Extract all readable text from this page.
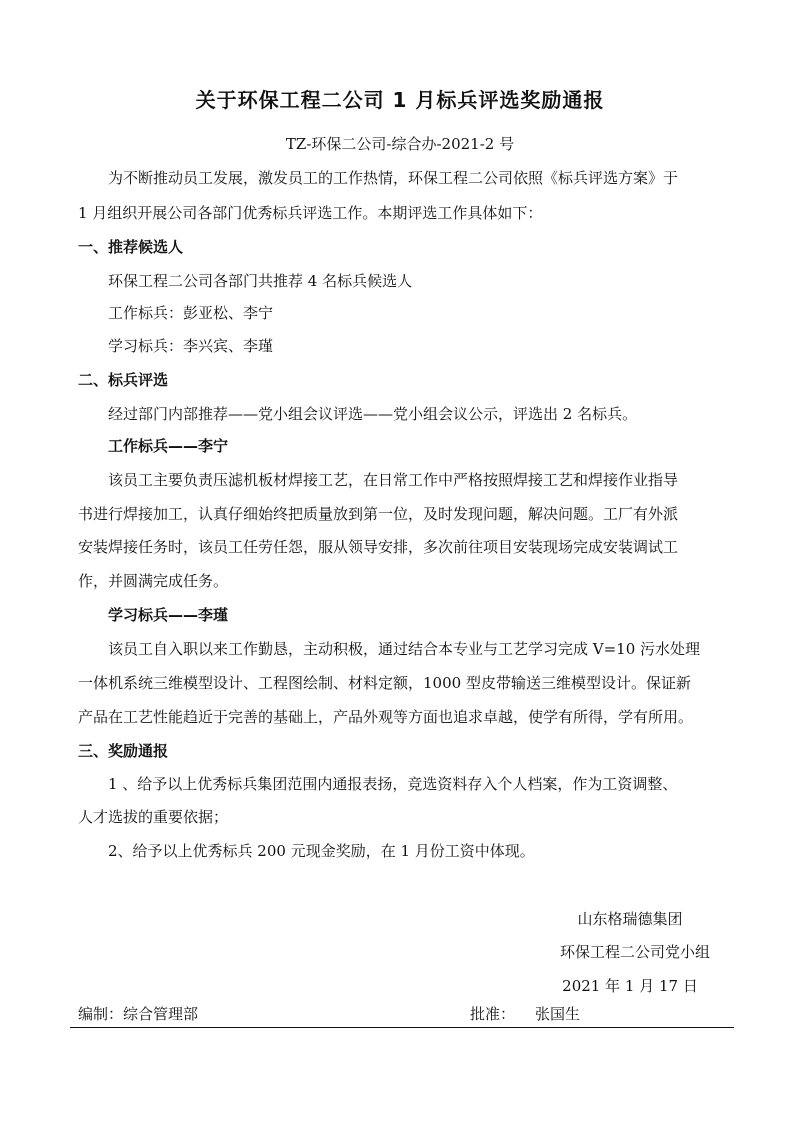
关于环保工程二公司 1 月标兵评选奖励通报
TZ-环保二公司-综合办-2021-2 号
为不断推动员工发展，激发员工的工作热情，环保工程二公司依照《标兵评选方案》于
1 月组织开展公司各部门优秀标兵评选工作。本期评选工作具体如下：
一、推荐候选人
环保工程二公司各部门共推荐 4 名标兵候选人
工作标兵：彭亚松、李宁
学习标兵：李兴宾、李瑾
二、标兵评选
经过部门内部推荐——党小组会议评选——党小组会议公示，评选出 2 名标兵。
工作标兵——李宁
该员工主要负责压滤机板材焊接工艺，在日常工作中严格按照焊接工艺和焊接作业指导
书进行焊接加工，认真仔细始终把质量放到第一位，及时发现问题，解决问题。工厂有外派
安装焊接任务时，该员工任劳任怨，服从领导安排，多次前往项目安装现场完成安装调试工
作，并圆满完成任务。
学习标兵——李瑾
该员工自入职以来工作勤恳，主动积极，通过结合本专业与工艺学习完成 V=10 污水处理
一体机系统三维模型设计、工程图绘制、材料定额，1000 型皮带输送三维模型设计。保证新
产品在工艺性能趋近于完善的基础上，产品外观等方面也追求卓越，使学有所得，学有所用。
三、奖励通报
1 、给予以上优秀标兵集团范围内通报表扬，竞选资料存入个人档案，作为工资调整、
人才选拔的重要依据；
2、给予以上优秀标兵 200 元现金奖励，在 1 月份工资中体现。
山东格瑞德集团
环保工程二公司党小组
2021 年 1 月 17 日
编制：综合管理部	批准： 张国生
